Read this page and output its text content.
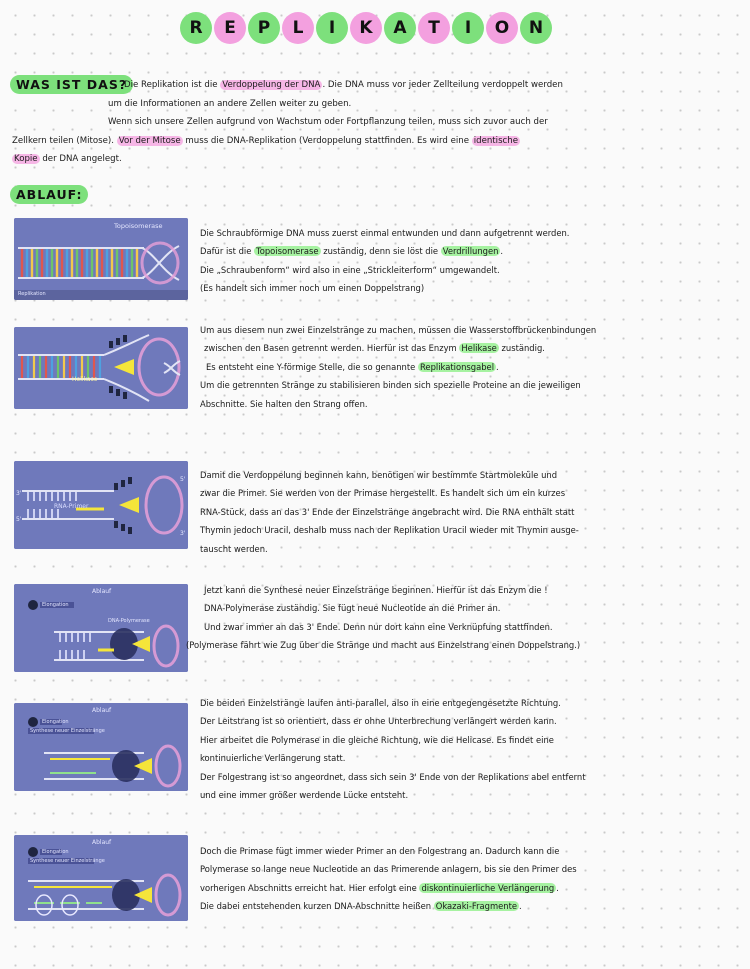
R	E	P	L	I	K	A	T	I	O	N
WAS IST DAS?
Die Replikation ist die Verdoppelung der DNA . Die DNA muss vor jeder Zellteilung verdoppelt werden
um die Informationen an andere Zellen weiter zu geben.
Wenn sich unsere Zellen aufgrund von Wachstum oder Fortpflanzung teilen, muss sich zuvor auch der
Zellkern teilen (Mitose). Vor der Mitose muss die DNA-Replikation (Verdoppelung stattfinden. Es wird eine identische
Kopie der DNA angelegt.
ABLAUF:
Topoisomerase
Replikation
Die Schraubförmige DNA muss zuerst einmal entwunden und dann aufgetrennt werden.
Dafür ist die Topoisomerase zuständig, denn sie löst die Verdrillungen .
Die „Schraubenform“ wird also in eine „Strickleiterform“ umgewandelt.
(Es handelt sich immer noch um einen Doppelstrang)
Helikase
Um aus diesem nun zwei Einzelstränge zu machen, müssen die Wasserstoffbrückenbindungen
zwischen den Basen getrennt werden. Hierfür ist das Enzym Helikase zuständig.
Es entsteht eine Y-förmige Stelle, die so genannte Replikationsgabel .
Um die getrennten Stränge zu stabilisieren binden sich spezielle Proteine an die jeweiligen
Abschnitte. Sie halten den Strang offen.
3'
5'
5'
3'
RNA-Primer
Damit die Verdoppelung beginnen kann, benötigen wir bestimmte Startmoleküle und
zwar die Primer. Sie werden von der Primase hergestellt. Es handelt sich um ein kurzes
RNA-Stück, dass an das 3' Ende der Einzelstränge angebracht wird. Die RNA enthält statt
Thymin jedoch Uracil, deshalb muss nach der Replikation Uracil wieder mit Thymin ausge-
tauscht werden.
Ablauf
Elongation
DNA-Polymerase
Jetzt kann die Synthese neuer Einzelstränge beginnen. Hierfür ist das Enzym die !
DNA-Polymerase zuständig. Sie fügt neue Nucleotide an die Primer an.
Und zwar immer an das 3' Ende. Denn nur dort kann eine Verknüpfung stattfinden.
(Polymerase fährt wie Zug über die Stränge und macht aus Einzelstrang einen Doppelstrang.)
Ablauf
Elongation
Synthese neuer Einzelstränge
Die beiden Einzelstränge laufen anti-parallel, also in eine entgegengesetzte Richtung.
Der Leitstrang ist so orientiert, dass er ohne Unterbrechung verlängert werden kann.
Hier arbeitet die Polymerase in die gleiche Richtung, wie die Helicase. Es findet eine
kontinuierliche Verlängerung statt.
Der Folgestrang ist so angeordnet, dass sich sein 3' Ende von der Replikations abel entfernt
und eine immer größer werdende Lücke entsteht.
Ablauf
Elongation
Synthese neuer Einzelstränge
Doch die Primase fügt immer wieder Primer an den Folgestrang an. Dadurch kann die
Polymerase so lange neue Nucleotide an das Primerende anlagern, bis sie den Primer des
vorherigen Abschnitts erreicht hat. Hier erfolgt eine diskontinuierliche Verlängerung .
Die dabei entstehenden kurzen DNA-Abschnitte heißen Okazaki-Fragmente .
